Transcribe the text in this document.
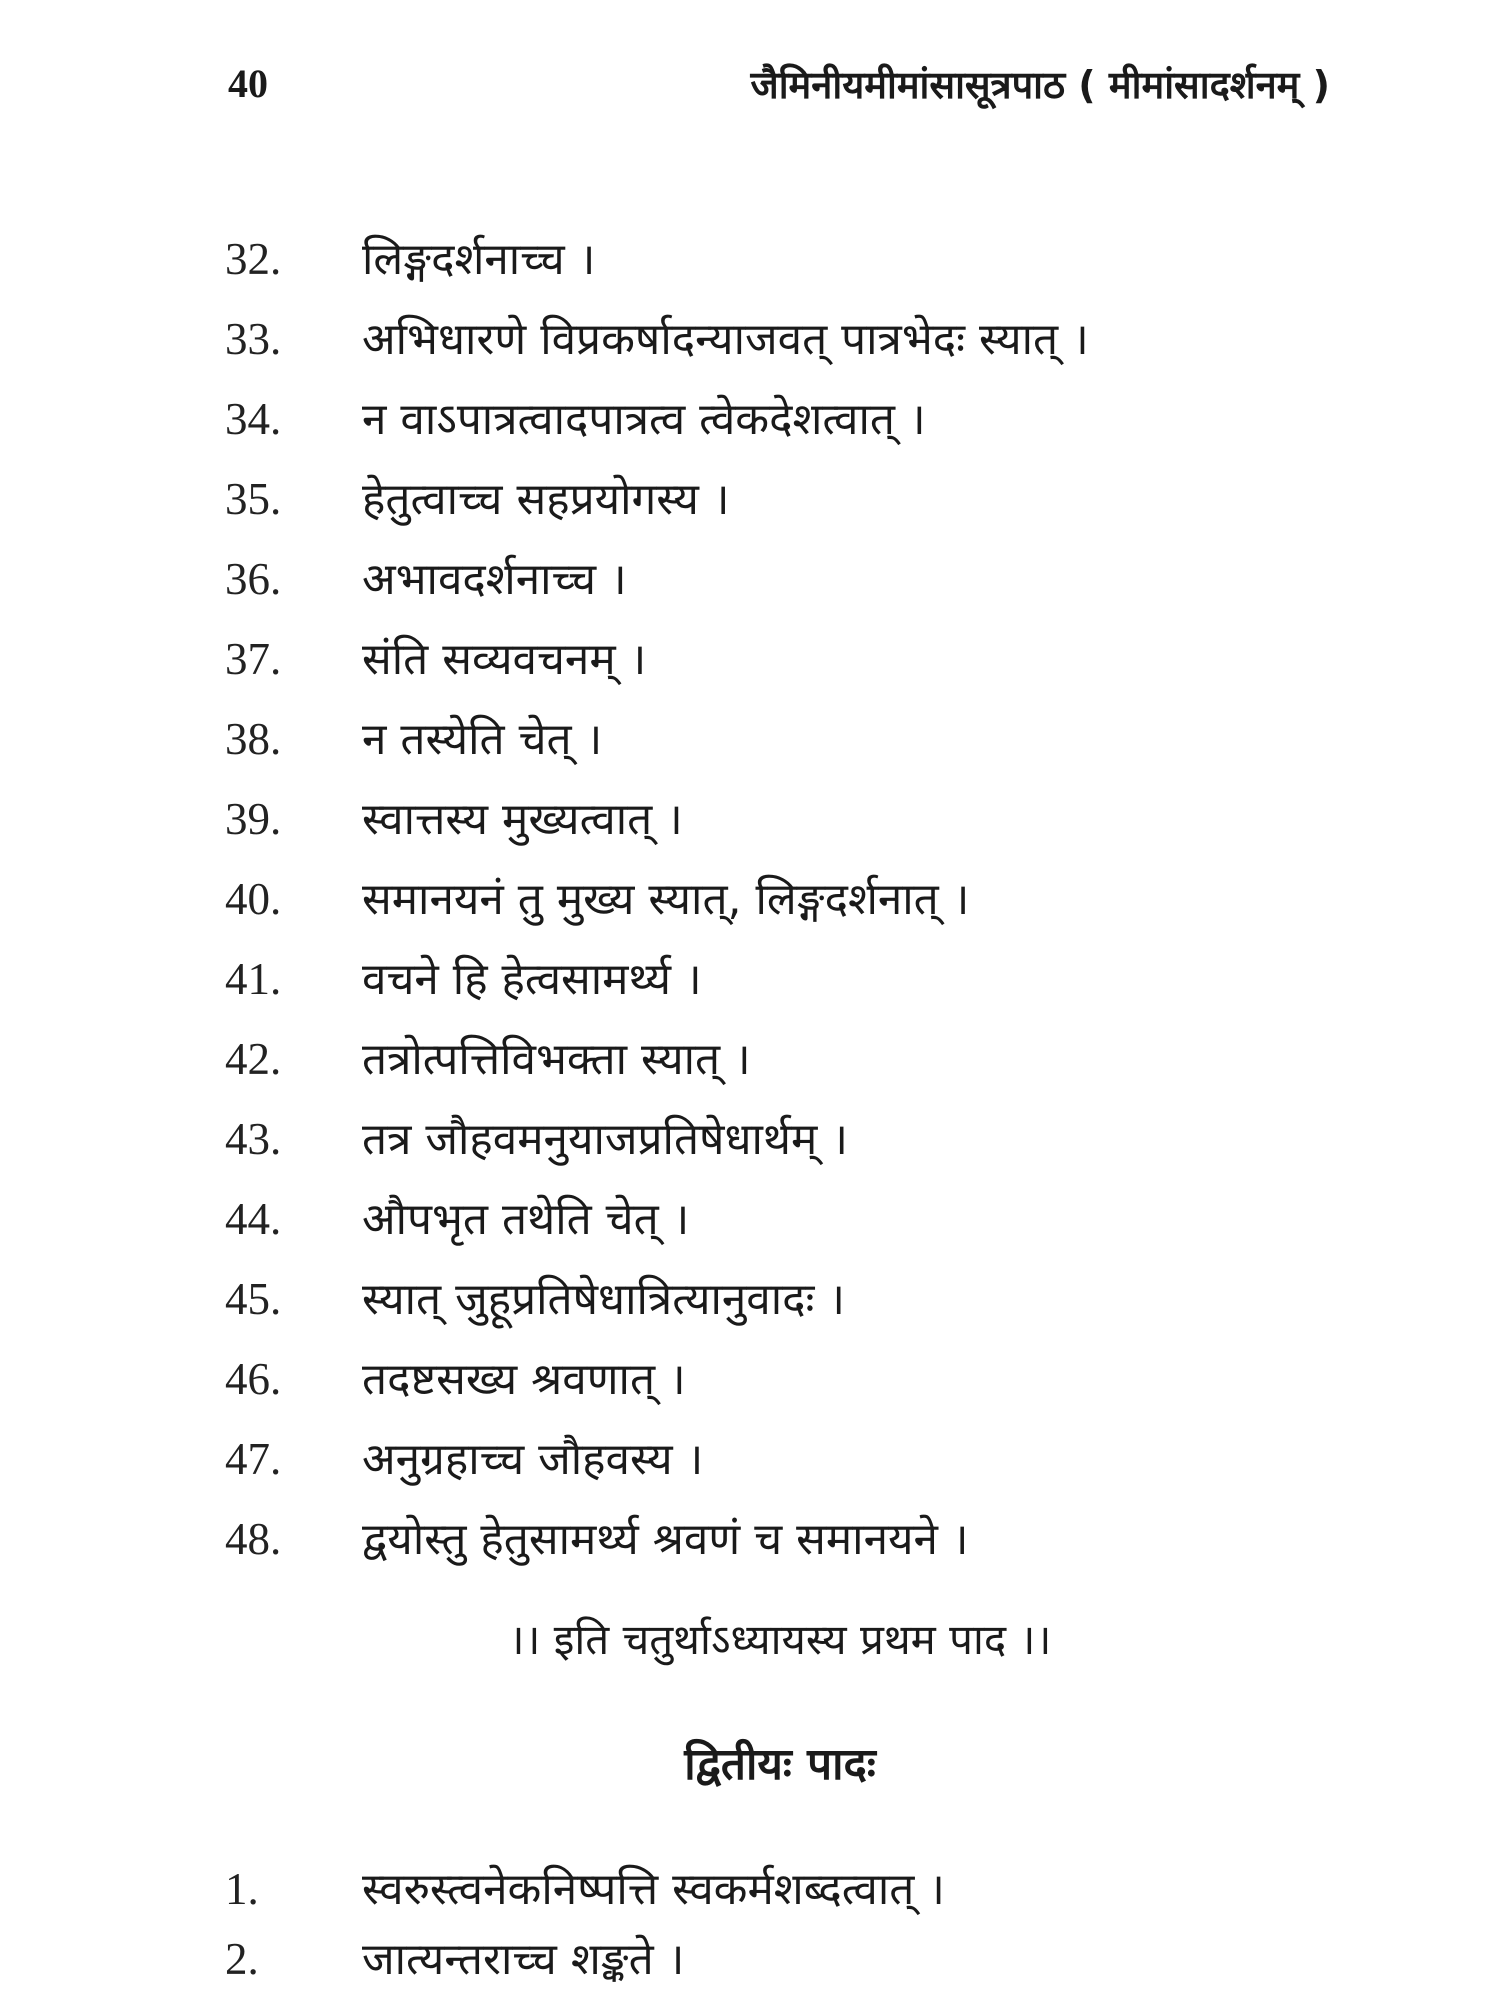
40	जैमिनीयमीमांसासूत्रपाठ ( मीमांसादर्शनम् )
32. लिङ्गदर्शनाच्च ।
33. अभिधारणे विप्रकर्षादन्याजवत् पात्रभेदः स्यात् ।
34. न वाऽपात्रत्वादपात्रत्व त्वेकदेशत्वात् ।
35. हेतुत्वाच्च सहप्रयोगस्य ।
36. अभावदर्शनाच्च ।
37. संति सव्यवचनम् ।
38. न तस्येति चेत् ।
39. स्वात्तस्य मुख्यत्वात् ।
40. समानयनं तु मुख्य स्यात्, लिङ्गदर्शनात् ।
41. वचने हि हेत्वसामर्थ्य ।
42. तत्रोत्पत्तिविभक्ता स्यात् ।
43. तत्र जौहवमनुयाजप्रतिषेधार्थम् ।
44. औपभृत तथेति चेत् ।
45. स्यात् जुहूप्रतिषेधात्रित्यानुवादः ।
46. तदष्टसख्य श्रवणात् ।
47. अनुग्रहाच्च जौहवस्य ।
48. द्वयोस्तु हेतुसामर्थ्य श्रवणं च समानयने ।
।। इति चतुर्थाऽध्यायस्य प्रथम पाद ।।
द्वितीयः पादः
1. स्वरुस्त्वनेकनिष्पत्ति स्वकर्मशब्दत्वात् ।
2. जात्यन्तराच्च शङ्कते ।
